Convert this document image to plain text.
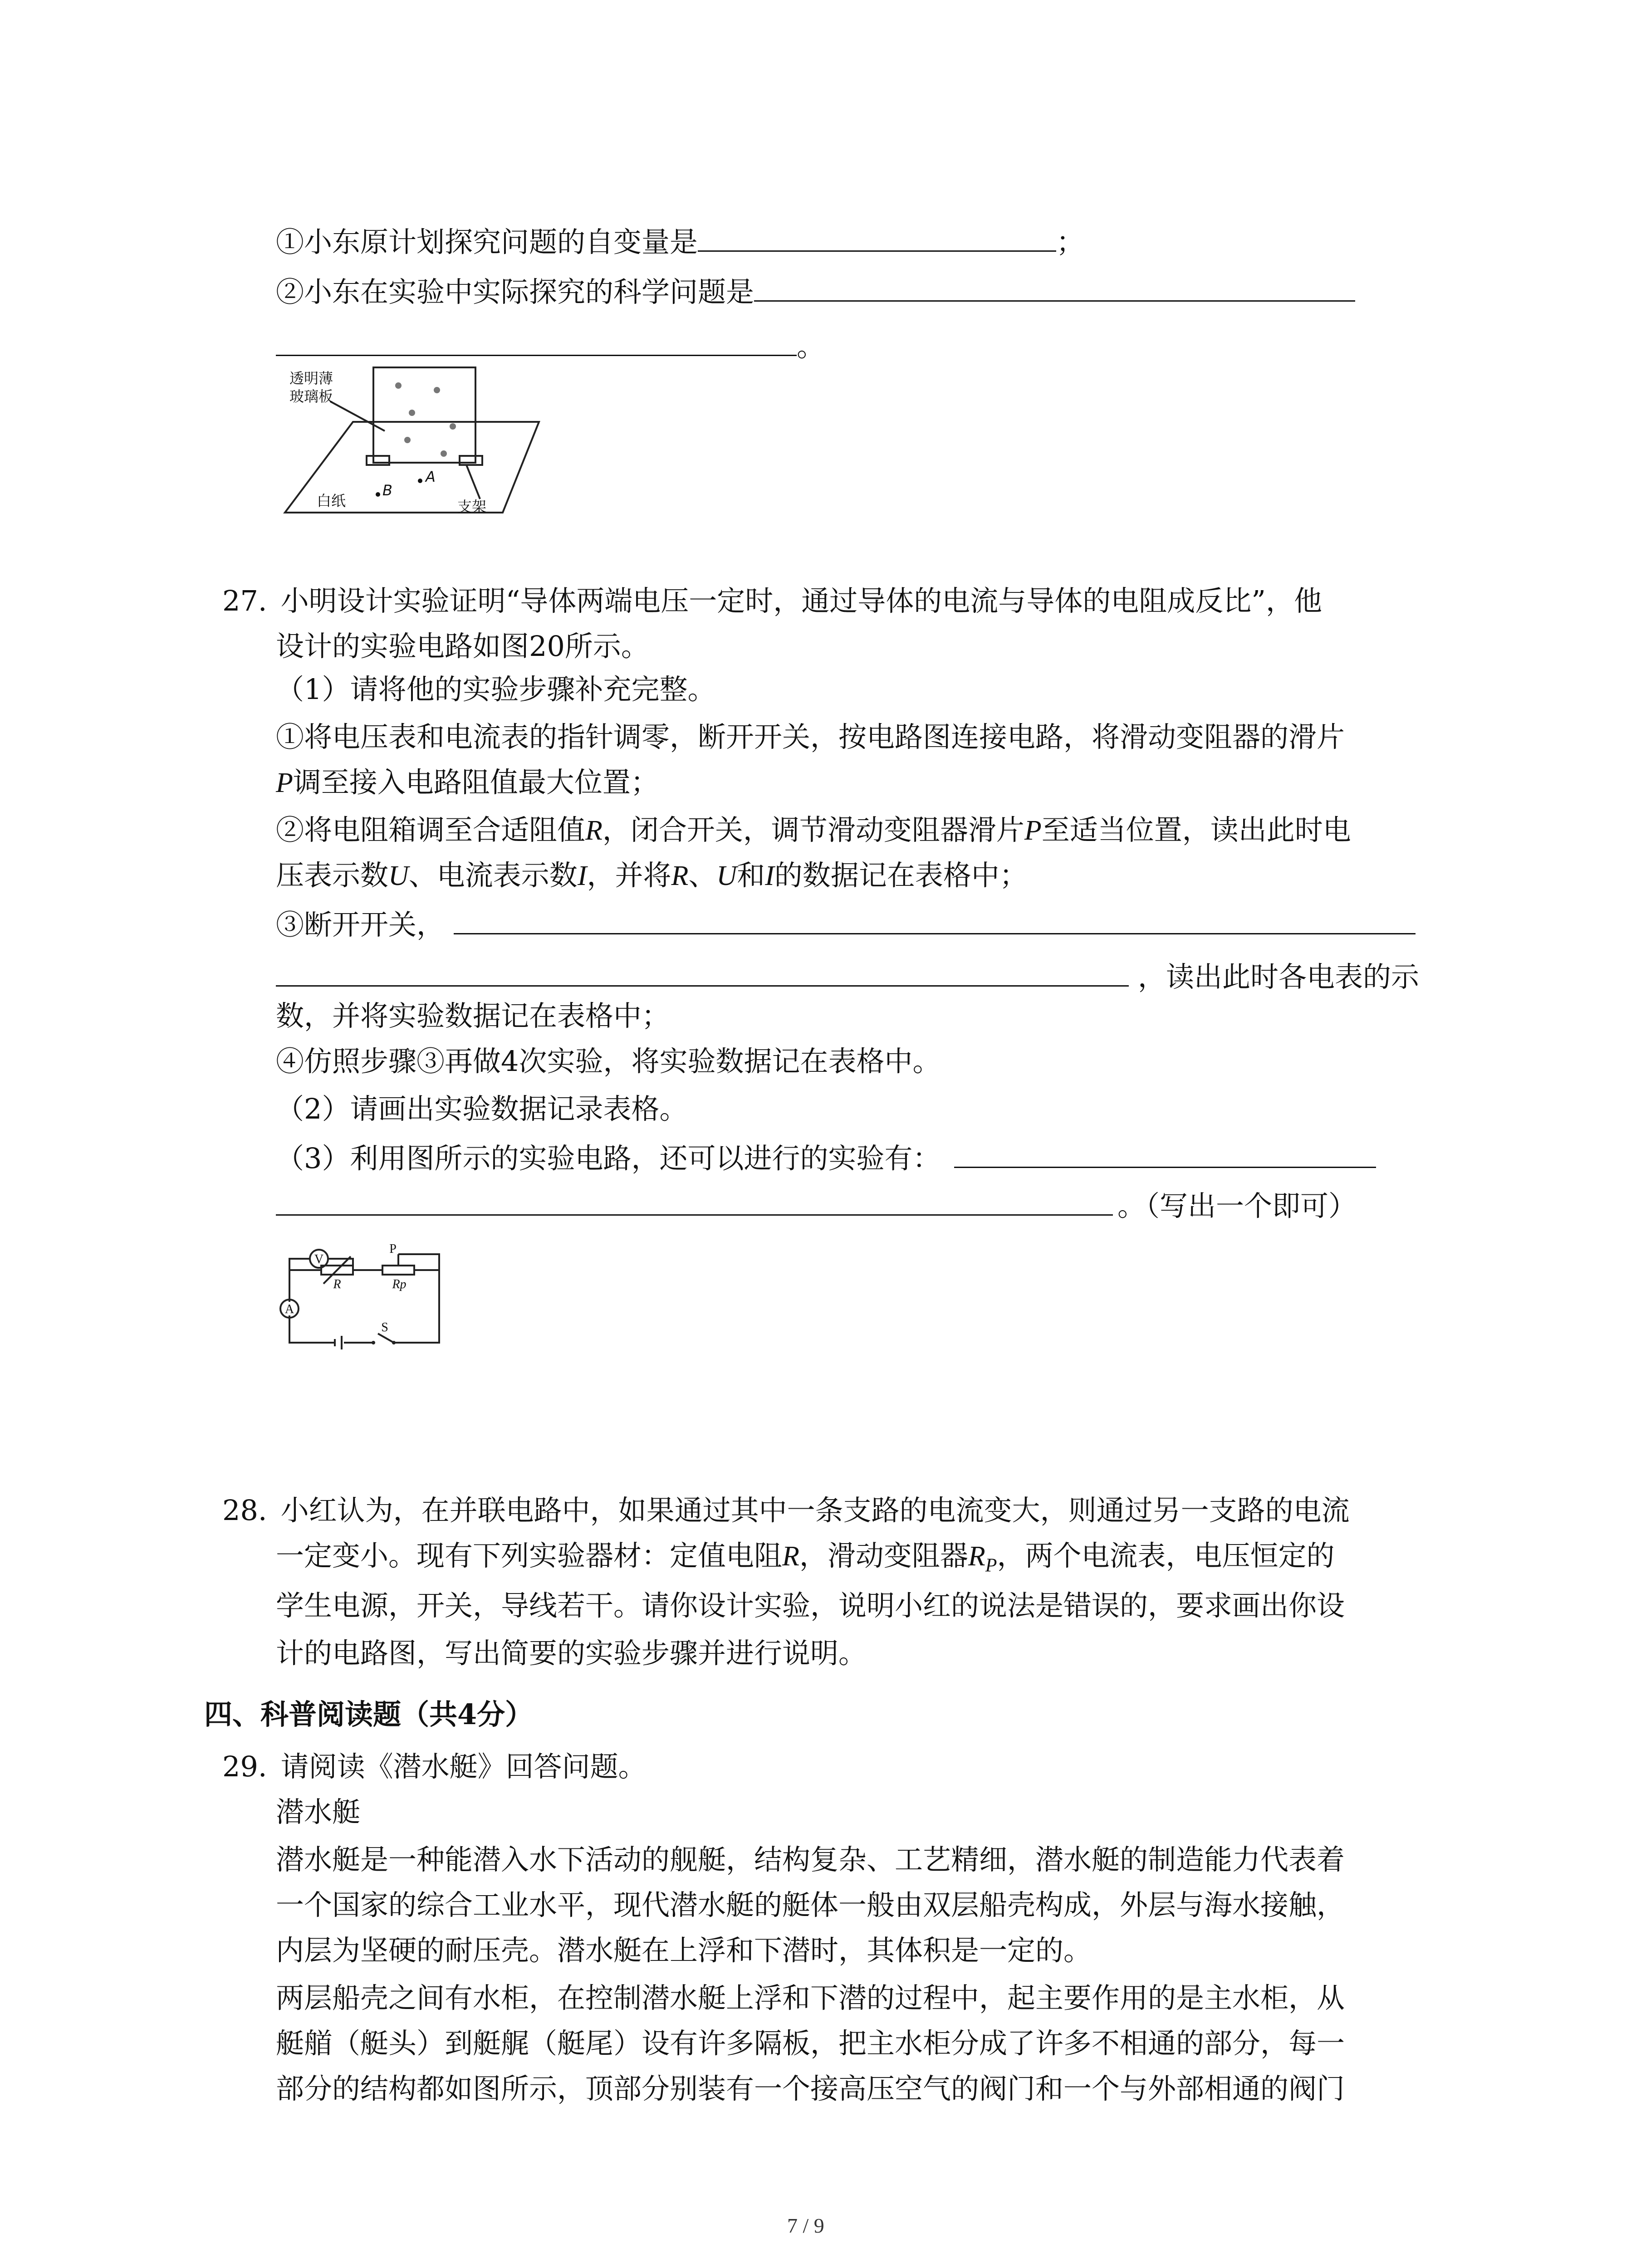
①小东原计划探究问题的自变量是	；
②小东在实验中实际探究的科学问题是
。
透明薄
玻璃板
白纸	支架
A
B
27. 小明设计实验证明“导体两端电压一定时，通过导体的电流与导体的电阻成反比”，他
设计的实验电路如图20所示。
（1）请将他的实验步骤补充完整。
①将电压表和电流表的指针调零，断开开关，按电路图连接电路，将滑动变阻器的滑片
P调至接入电路阻值最大位置；
②将电阻箱调至合适阻值R，闭合开关，调节滑动变阻器滑片P至适当位置，读出此时电
压表示数U、电流表示数I，并将R、U和I的数据记在表格中；
③断开开关，
，读出此时各电表的示
数，并将实验数据记在表格中；
④仿照步骤③再做4次实验，将实验数据记在表格中。
（2）请画出实验数据记录表格。
（3）利用图所示的实验电路，还可以进行的实验有：
。（写出一个即可）
V
A
R
P
Rp
S
28. 小红认为，在并联电路中，如果通过其中一条支路的电流变大，则通过另一支路的电流
一定变小。现有下列实验器材：定值电阻R，滑动变阻器$R_P$，两个电流表，电压恒定的
学生电源，开关，导线若干。请你设计实验，说明小红的说法是错误的，要求画出你设
计的电路图，写出简要的实验步骤并进行说明。
四、科普阅读题（共4分）
29. 请阅读《潜水艇》回答问题。
潜水艇
潜水艇是一种能潜入水下活动的舰艇，结构复杂、工艺精细，潜水艇的制造能力代表着
一个国家的综合工业水平，现代潜水艇的艇体一般由双层船壳构成，外层与海水接触，
内层为坚硬的耐压壳。潜水艇在上浮和下潜时，其体积是一定的。
两层船壳之间有水柜，在控制潜水艇上浮和下潜的过程中，起主要作用的是主水柜，从
艇艏（艇头）到艇艉（艇尾）设有许多隔板，把主水柜分成了许多不相通的部分，每一
部分的结构都如图所示，顶部分别装有一个接高压空气的阀门和一个与外部相通的阀门
7 / 9
